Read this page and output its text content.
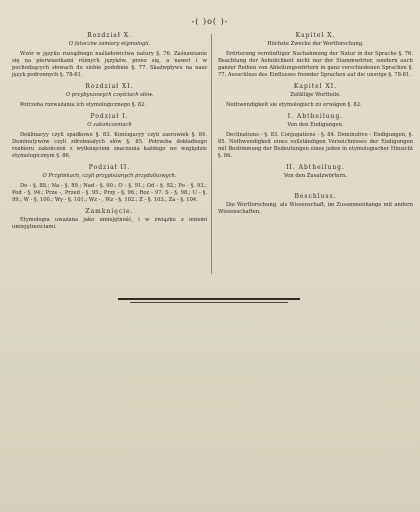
-( )o( )-
Rozdział X.
O fatoczne zamiary etymologii.
Wzór w języku rozsądnego naśladowictwa natury §. 76. Zaśnawianie się na pierwiastkami różnych języków, przez się, a nawet i w pochodzących słowach do siebie podobnie §. 77. Skaźwpływu na nasz język podronnych §. 78-81.
Rozdział XI.
O przybyszowych częściach słów.
Potrzeba rozważania ich etymologicznego §. 82.
Podział I.
O zakończeniach
Deklinacyy czyli spadkowe §. 83. Koniugacyy czyli zasrowiek §. 84. Deminutywów czyli zdrobniałych słów §. 85. Potrzeba dokładnego rozbioru zakończeń z wytknięciem znaczenia każdego we względzie etymologicznym §. 86.
Podział II.
O Przyimkach, czyli przypiszanych przydatkowych.
Do - §. 88.; Na - §. 89.; Nad - §. 90.; O - §. 91.; Od - §. 92.; Po - §. 93.; Pod - §. 94.; Prze -, Przed - §. 95.; Przy - §. 96.; Roz - 97. S - §. 98.; U - §. 99.; W - §. 100.; Wy - §. 101.; Wz - , Wz - §. 102.; Z - §. 103., Za - §. 104.
Zamknięcie.
Etymologia uważana jako umiejętność, i w związku z innemi umiejętnościami.
Kapitel X.
Höchste Zwecke der Wortforschung.
Erörterung vernünftiger Nachahmung der Natur in der Sprache §. 76. Beachtung der Aehnlichkeit nicht nur der Stammwörter, sondern auch ganzer Reihen von Ableitungswörtern in ganz verschiedenen Sprachen §. 77. Ausschluss des Einflusses fremder Sprachen auf die unsrige §. 78-81.
Kapitel XI.
Zufällige Wortteile.
Nothwendigkeit sie etymologisch zu erwägen §. 82.
I. Abtheilung.
Von den Endigungen.
Declinations - §. 83. Conjugations - §. 84. Deminutive - Endigungen, §. 85. Nothwendigkeit eines vollständigen Verzeichnisses der Endigungen mit Bestimmung der Bedeutungen eines jeden in etymologischer Hinsicht §. 86.
II. Abtheilung.
Von den Zusatzwörtern.
Beschluss.
Die Wortforschung, als Wissenschaft, im Zusammenhange mit andern Wissenschaften.
